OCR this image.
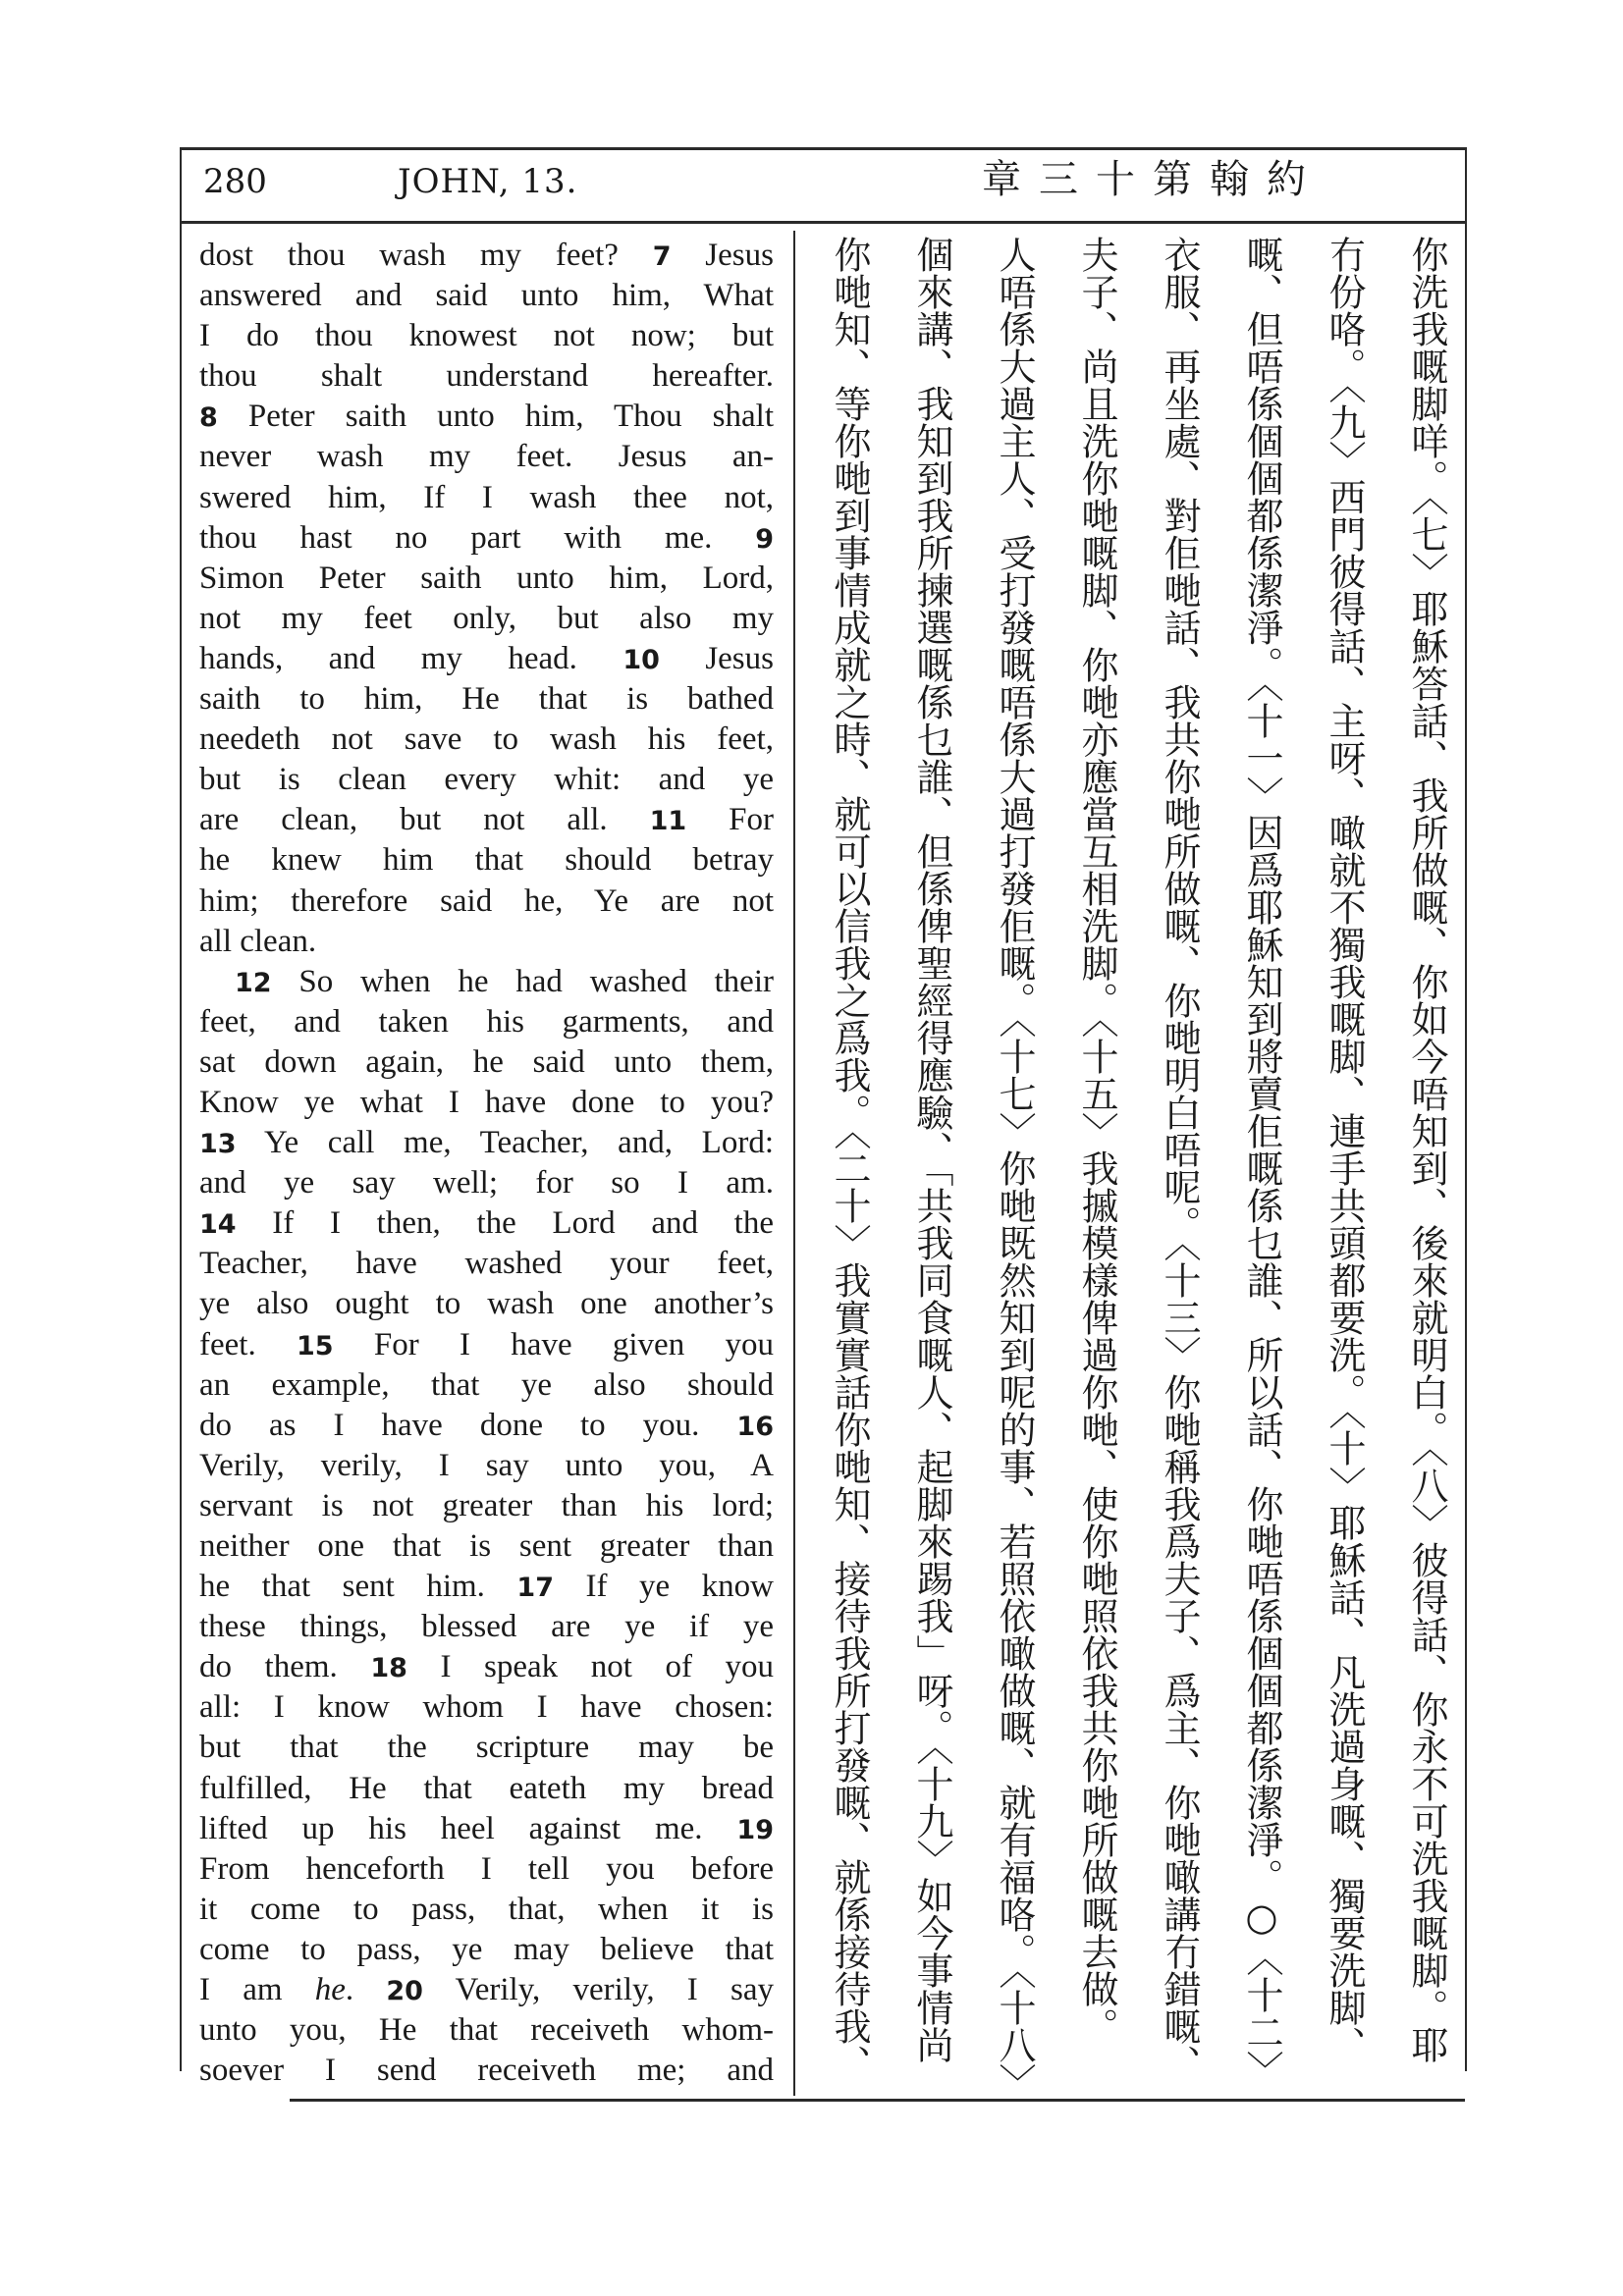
280	JOHN, 13.	約翰第十三章
dost thou wash my feet? 7 Jesus
answered and said unto him, What
I do thou knowest not now; but
thou shalt understand hereafter.
8 Peter saith unto him, Thou shalt
never wash my feet. Jesus an-
swered him, If I wash thee not,
thou hast no part with me. 9
Simon Peter saith unto him, Lord,
not my feet only, but also my
hands, and my head. 10 Jesus
saith to him, He that is bathed
needeth not save to wash his feet,
but is clean every whit: and ye
are clean, but not all. 11 For
he knew him that should betray
him; therefore said he, Ye are not
all clean.
12 So when he had washed their
feet, and taken his garments, and
sat down again, he said unto them,
Know ye what I have done to you?
13 Ye call me, Teacher, and, Lord:
and ye say well; for so I am.
14 If I then, the Lord and the
Teacher, have washed your feet,
ye also ought to wash one another’s
feet. 15 For I have given you
an example, that ye also should
do as I have done to you. 16
Verily, verily, I say unto you, A
servant is not greater than his lord;
neither one that is sent greater than
he that sent him. 17 If ye know
these things, blessed are ye if ye
do them. 18 I speak not of you
all: I know whom I have chosen:
but that the scripture may be
fulfilled, He that eateth my bread
lifted up his heel against me. 19
From henceforth I tell you before
it come to pass, that, when it is
come to pass, ye may believe that
I am he. 20 Verily, verily, I say
unto you, He that receiveth whom-
soever I send receiveth me; and
你洗我嘅脚咩。〈七〉耶穌答話、我所做嘅、你如今唔知到、後來就明白。〈八〉彼得話、你永不可洗我嘅脚。耶
冇份咯。〈九〉西門彼得話、主呀、噉就不獨我嘅脚、連手共頭都要洗。〈十〉耶穌話、凡洗過身嘅、獨要洗脚、
嘅、但唔係個個都係潔淨。〈十一〉因爲耶穌知到將賣佢嘅係乜誰、所以話、你哋唔係個個都係潔淨。○〈十二〉
衣服、再坐處、對佢哋話、我共你哋所做嘅、你哋明白唔呢。〈十三〉你哋稱我爲夫子、爲主、你哋噉講冇錯嘅、
夫子、尚且洗你哋嘅脚、你哋亦應當互相洗脚。〈十五〉我摵模樣俾過你哋、使你哋照依我共你哋所做嘅去做。
人唔係大過主人、受打發嘅唔係大過打發佢嘅。〈十七〉你哋既然知到呢的事、若照依噉做嘅、就有福咯。〈十八〉
個來講、我知到我所揀選嘅係乜誰、但係俾聖經得應驗、「共我同食嘅人、起脚來踢我」呀。〈十九〉如今事情尚
你哋知、等你哋到事情成就之時、就可以信我之爲我。〈二十〉我實實話你哋知、接待我所打發嘅、就係接待我、
